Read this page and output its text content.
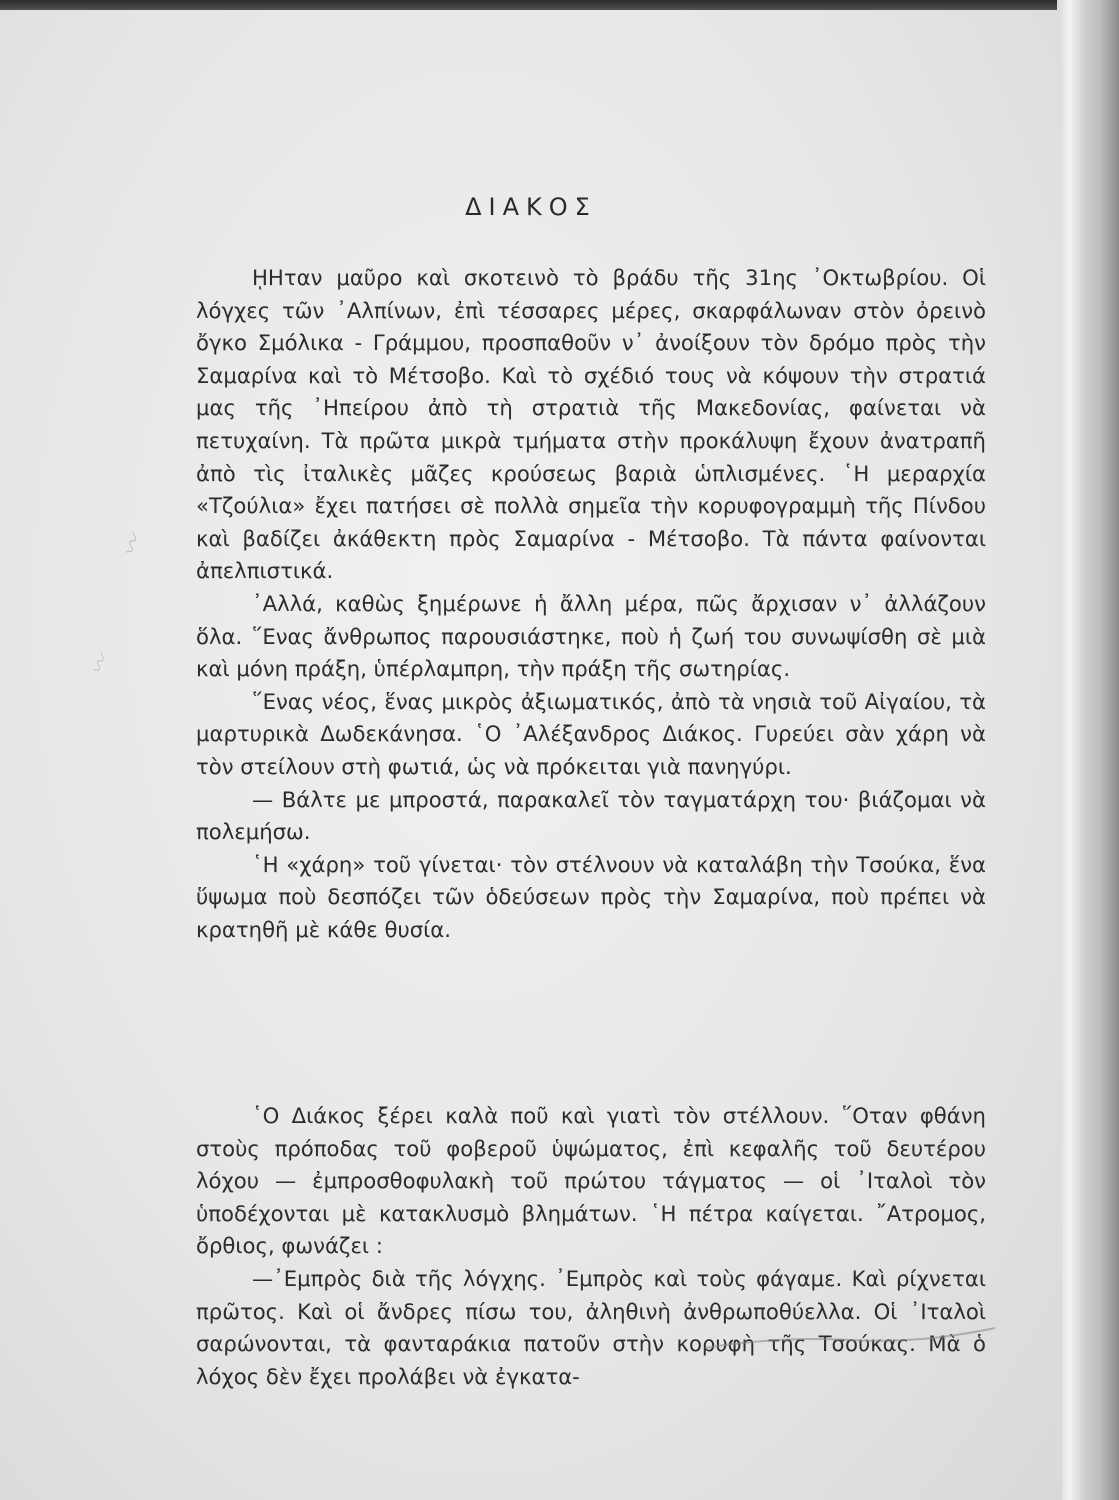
ΔΙΑΚΟΣ

ῌΗταν μαῦρο καὶ σκοτεινὸ τὸ βράδυ τῆς 31ης ᾿Οκτωβρίου. Οἱ λόγχες τῶν ᾿Αλπίνων, ἐπὶ τέσσαρες μέρες, σκαρφάλωναν στὸν ὀρεινὸ ὄγκο Σμόλικα - Γράμμου, προσπαθοῦν ν᾿ ἀνοίξουν τὸν δρόμο πρὸς τὴν Σαμαρίνα καὶ τὸ Μέτσοβο. Καὶ τὸ σχέδιό τους νὰ κόψουν τὴν στρατιά μας τῆς ᾿Ηπείρου ἀπὸ τὴ στρατιὰ τῆς Μακεδονίας, φαίνεται νὰ πετυχαίνη. Τὰ πρῶτα μικρὰ τμήματα στὴν προκάλυψη ἔχουν ἀνατραπῆ ἀπὸ τὶς ἰταλικὲς μᾶζες κρούσεως βαριὰ ὡπλισμένες. ῾Η μεραρχία «Τζούλια» ἔχει πατήσει σὲ πολλὰ σημεῖα τὴν κορυφογραμμὴ τῆς Πίνδου καὶ βαδίζει ἀκάθεκτη πρὸς Σαμαρίνα - Μέτσοβο. Τὰ πάντα φαίνονται ἀπελπιστικά.

᾿Αλλά, καθὼς ξημέρωνε ἡ ἄλλη μέρα, πῶς ἄρχισαν ν᾿ ἀλλάζουν ὅλα. ῞Ενας ἄνθρωπος παρουσιάστηκε, ποὺ ἡ ζωή του συνωψίσθη σὲ μιὰ καὶ μόνη πράξη, ὑπέρλαμπρη, τὴν πράξη τῆς σωτηρίας.

῞Ενας νέος, ἕνας μικρὸς ἀξιωματικός, ἀπὸ τὰ νησιὰ τοῦ Αἰγαίου, τὰ μαρτυρικὰ Δωδεκάνησα. ῾Ο ᾿Αλέξανδρος Διάκος. Γυρεύει σὰν χάρη νὰ τὸν στείλουν στὴ φωτιά, ὡς νὰ πρόκειται γιὰ πανηγύρι.

— Βάλτε με μπροστά, παρακαλεῖ τὸν ταγματάρχη του· βιάζομαι νὰ πολεμήσω.

῾Η «χάρη» τοῦ γίνεται· τὸν στέλνουν νὰ καταλάβη τὴν Τσούκα, ἕνα ὕψωμα ποὺ δεσπόζει τῶν ὁδεύσεων πρὸς τὴν Σαμαρίνα, ποὺ πρέπει νὰ κρατηθῆ μὲ κάθε θυσία.

῾Ο Διάκος ξέρει καλὰ ποῦ καὶ γιατὶ τὸν στέλλουν. ῞Οταν φθάνη στοὺς πρόποδας τοῦ φοβεροῦ ὑψώματος, ἐπὶ κεφαλῆς τοῦ δευτέρου λόχου — ἐμπροσθοφυλακὴ τοῦ πρώτου τάγματος — οἱ ᾿Ιταλοὶ τὸν ὑποδέχονται μὲ κατακλυσμὸ βλημάτων. ῾Η πέτρα καίγεται. ῎Ατρομος, ὄρθιος, φωνάζει :

—᾿Εμπρὸς διὰ τῆς λόγχης. ᾿Εμπρὸς καὶ τοὺς φάγαμε. Καὶ ρίχνεται πρῶτος. Καὶ οἱ ἄνδρες πίσω του, ἀληθινὴ ἀνθρωποθύελλα. Οἱ ᾿Ιταλοὶ σαρώνονται, τὰ φανταράκια πατοῦν στὴν κορυφὴ τῆς Τσούκας. Μὰ ὁ λόχος δὲν ἔχει προλάβει νὰ ἐγκατα-

〰
〰
